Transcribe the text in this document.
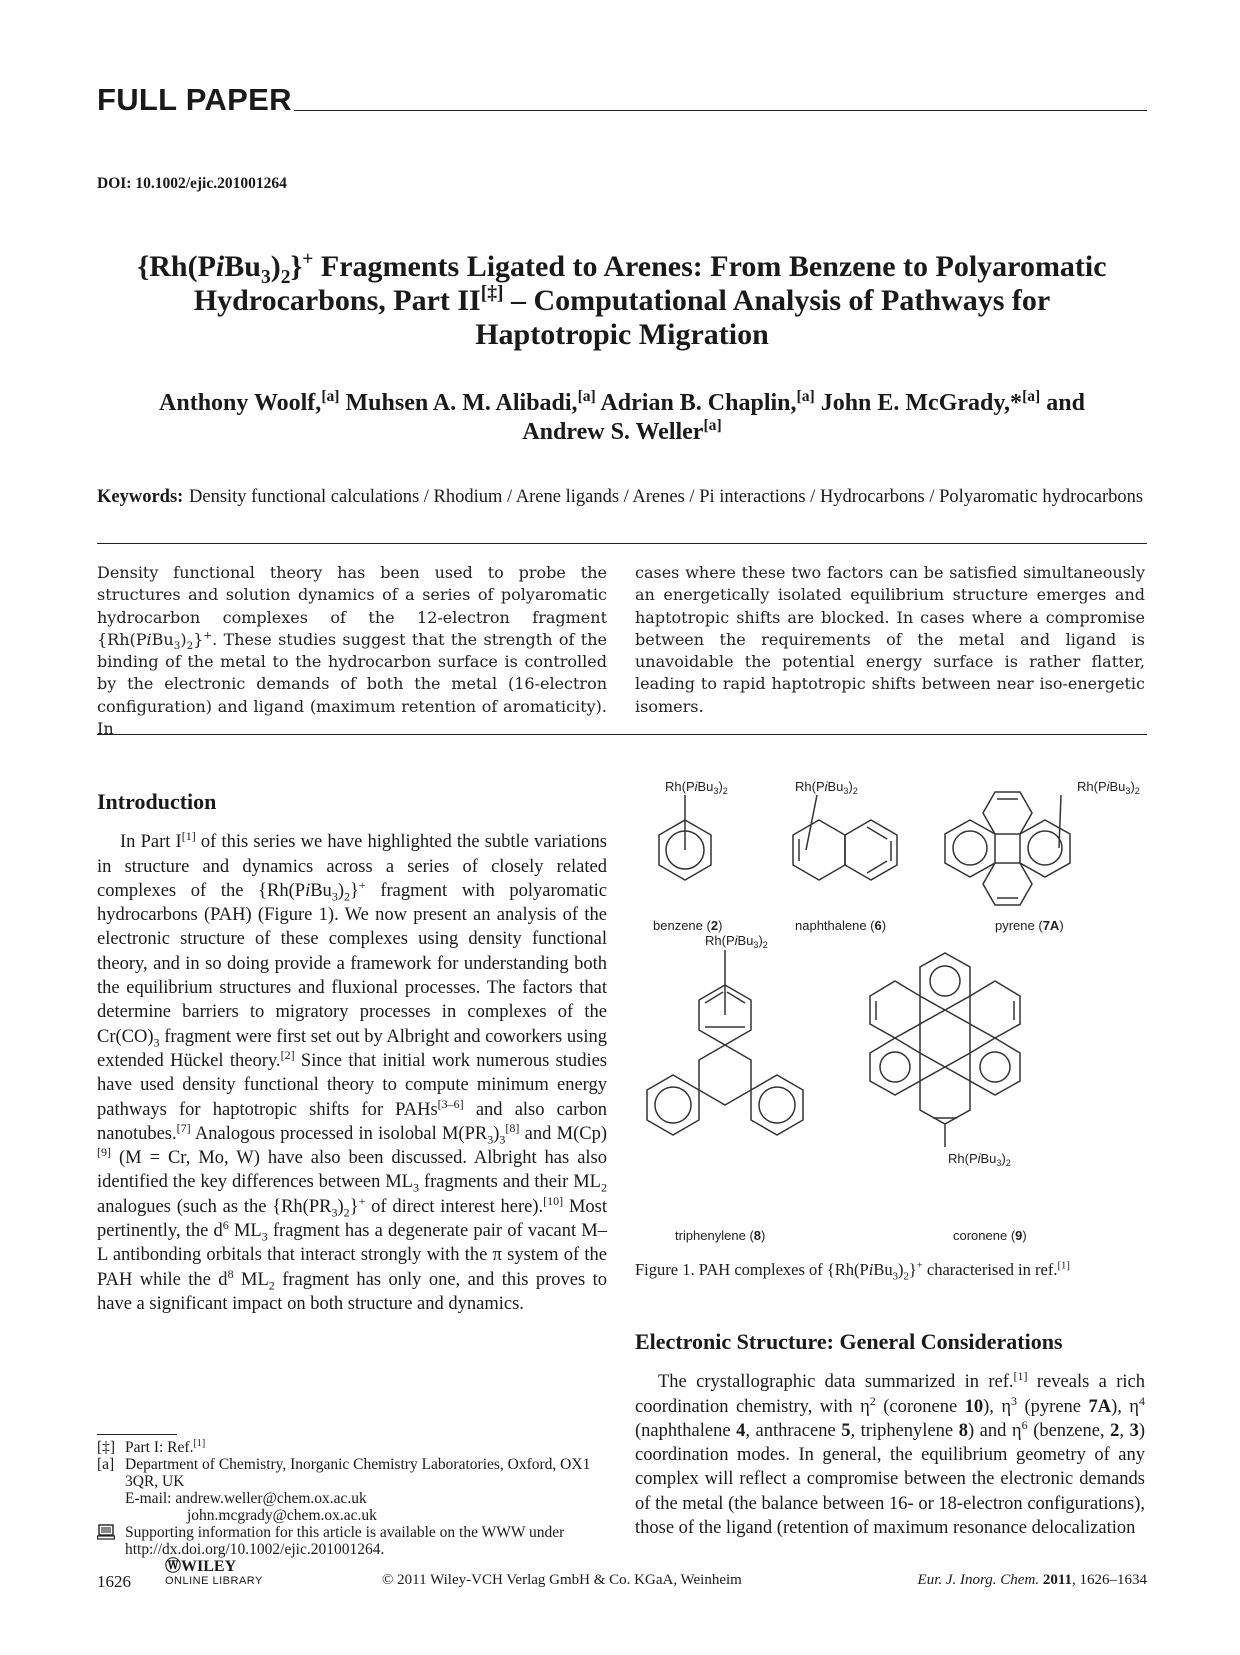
FULL PAPER
DOI: 10.1002/ejic.201001264
$\{Rh(PiBu_3)_2\}^+$ Fragments Ligated to Arenes: From Benzene to Polyaromatic
Hydrocarbons, Part II[‡] – Computational Analysis of Pathways for
Haptotropic Migration
Anthony Woolf,[a] Muhsen A. M. Alibadi,[a] Adrian B. Chaplin,[a] John E. McGrady,*[a] and
Andrew S. Weller[a]
Keywords: Density functional calculations / Rhodium / Arene ligands / Arenes / Pi interactions / Hydrocarbons / Polyaromatic hydrocarbons
Density functional theory has been used to probe the structures and solution dynamics of a series of polyaromatic hydrocarbon complexes of the 12-electron fragment $\{Rh(PiBu_3)_2\}^+$. These studies suggest that the strength of the binding of the metal to the hydrocarbon surface is controlled by the electronic demands of both the metal (16-electron configuration) and ligand (maximum retention of aromaticity). In
cases where these two factors can be satisfied simultaneously an energetically isolated equilibrium structure emerges and haptotropic shifts are blocked. In cases where a compromise between the requirements of the metal and ligand is unavoidable the potential energy surface is rather flatter, leading to rapid haptotropic shifts between near iso-energetic isomers.
Introduction
In Part I[1] of this series we have highlighted the subtle variations in structure and dynamics across a series of closely related complexes of the $\{Rh(PiBu_3)_2\}^+$ fragment with polyaromatic hydrocarbons (PAH) (Figure 1). We now present an analysis of the electronic structure of these complexes using density functional theory, and in so doing provide a framework for understanding both the equilibrium structures and fluxional processes. The factors that determine barriers to migratory processes in complexes of the $Cr(CO)_3$ fragment were first set out by Albright and coworkers using extended Hückel theory.[2] Since that initial work numerous studies have used density functional theory to compute minimum energy pathways for haptotropic shifts for PAHs[3–6] and also carbon nanotubes.[7] Analogous processed in isolobal $M(PR_3)_3[8]$ and M(Cp)[9] (M = Cr, Mo, W) have also been discussed. Albright has also identified the key differences between $ML_3$ fragments and their $ML_2$ analogues (such as the $\{Rh(PR_3)_2\}^+$ of direct interest here).[10] Most pertinently, the $d^6$ $ML_3$ fragment has a degenerate pair of vacant M–L antibonding orbitals that interact strongly with the π system of the PAH while the $d^8$ $ML_2$ fragment has only one, and this proves to have a significant impact on both structure and dynamics.
[‡] Part I: Ref.[1]
[a] Department of Chemistry, Inorganic Chemistry Laboratories, Oxford, OX1 3QR, UK
E-mail: andrew.weller@chem.ox.ac.uk
john.mcgrady@chem.ox.ac.uk
Supporting information for this article is available on the WWW under http://dx.doi.org/10.1002/ejic.201001264.
$Rh(PiBu_3)_2$	$Rh(PiBu_3)_2$	$Rh(PiBu_3)_2$
$Rh(PiBu_3)_2$
$Rh(PiBu_3)_2$
benzene (2)	naphthalene (6)	pyrene (7A)
triphenylene (8)	coronene (9)
Figure 1. PAH complexes of $\{Rh(PiBu_3)_2\}^+$ characterised in ref.[1]
Electronic Structure: General Considerations
The crystallographic data summarized in ref.[1] reveals a rich coordination chemistry, with $\eta^2$ (coronene 10), $\eta^3$ (pyrene 7A), $\eta^4$ (naphthalene 4, anthracene 5, triphenylene 8) and $\eta^6$ (benzene, 2, 3) coordination modes. In general, the equilibrium geometry of any complex will reflect a compromise between the electronic demands of the metal (the balance between 16- or 18-electron configurations), those of the ligand (retention of maximum resonance delocalization
1626
ⓌWILEY
ONLINE LIBRARY	© 2011 Wiley-VCH Verlag GmbH & Co. KGaA, Weinheim	Eur. J. Inorg. Chem. 2011, 1626–1634
